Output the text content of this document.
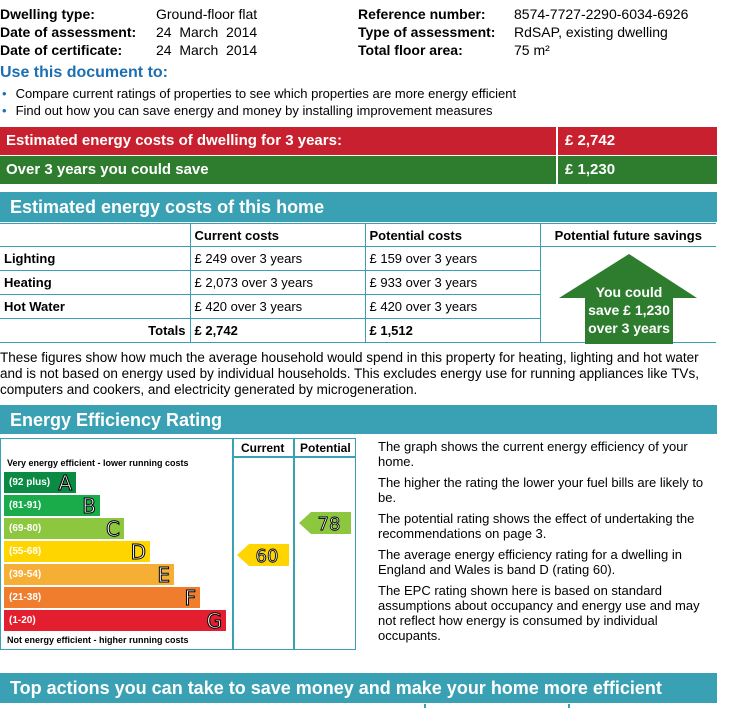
Dwelling type:	Ground-floor flat
Date of assessment: 24  March  2014
Date of certificate: 24  March  2014
Reference number: 8574-7727-2290-6034-6926
Type of assessment: RdSAP, existing dwelling
Total floor area:	75 m²
Use this document to:
• Compare current ratings of properties to see which properties are more energy efficient
• Find out how you can save energy and money by installing improvement measures
Estimated energy costs of dwelling for 3 years:	£ 2,742
Over 3 years you could save	£ 1,230
Estimated energy costs of this home
	Current costs	Potential costs	Potential future savings
Lighting	£ 249 over 3 years	£ 159 over 3 years	You could
save £ 1,230
over 3 years

Heating	£ 2,073 over 3 years	£ 933 over 3 years	
Hot Water	£ 420 over 3 years	£ 420 over 3 years	
Totals	£ 2,742	£ 1,512	
These figures show how much the average household would spend in this property for heating, lighting and hot water and is not based on energy used by individual households. This excludes energy use for running appliances like TVs, computers and cookers, and electricity generated by microgeneration.
Energy Efficiency Rating
Current Potential
Very energy efficient - lower running costs
(92 plus) A
(81-91) B
(69-80)	C
(55-68)	D
(39-54)	E
(21-38)	F
(1-20)	G
Not energy efficient - higher running costs
60
78

The graph shows the current energy efficiency of your home.

The higher the rating the lower your fuel bills are likely to be.

The potential rating shows the effect of undertaking the recommendations on page 3.

The average energy efficiency rating for a dwelling in England and Wales is band D (rating 60).

The EPC rating shown here is based on standard assumptions about occupancy and energy use and may not reflect how energy is consumed by individual occupants.

Top actions you can take to save money and make your home more efficient
